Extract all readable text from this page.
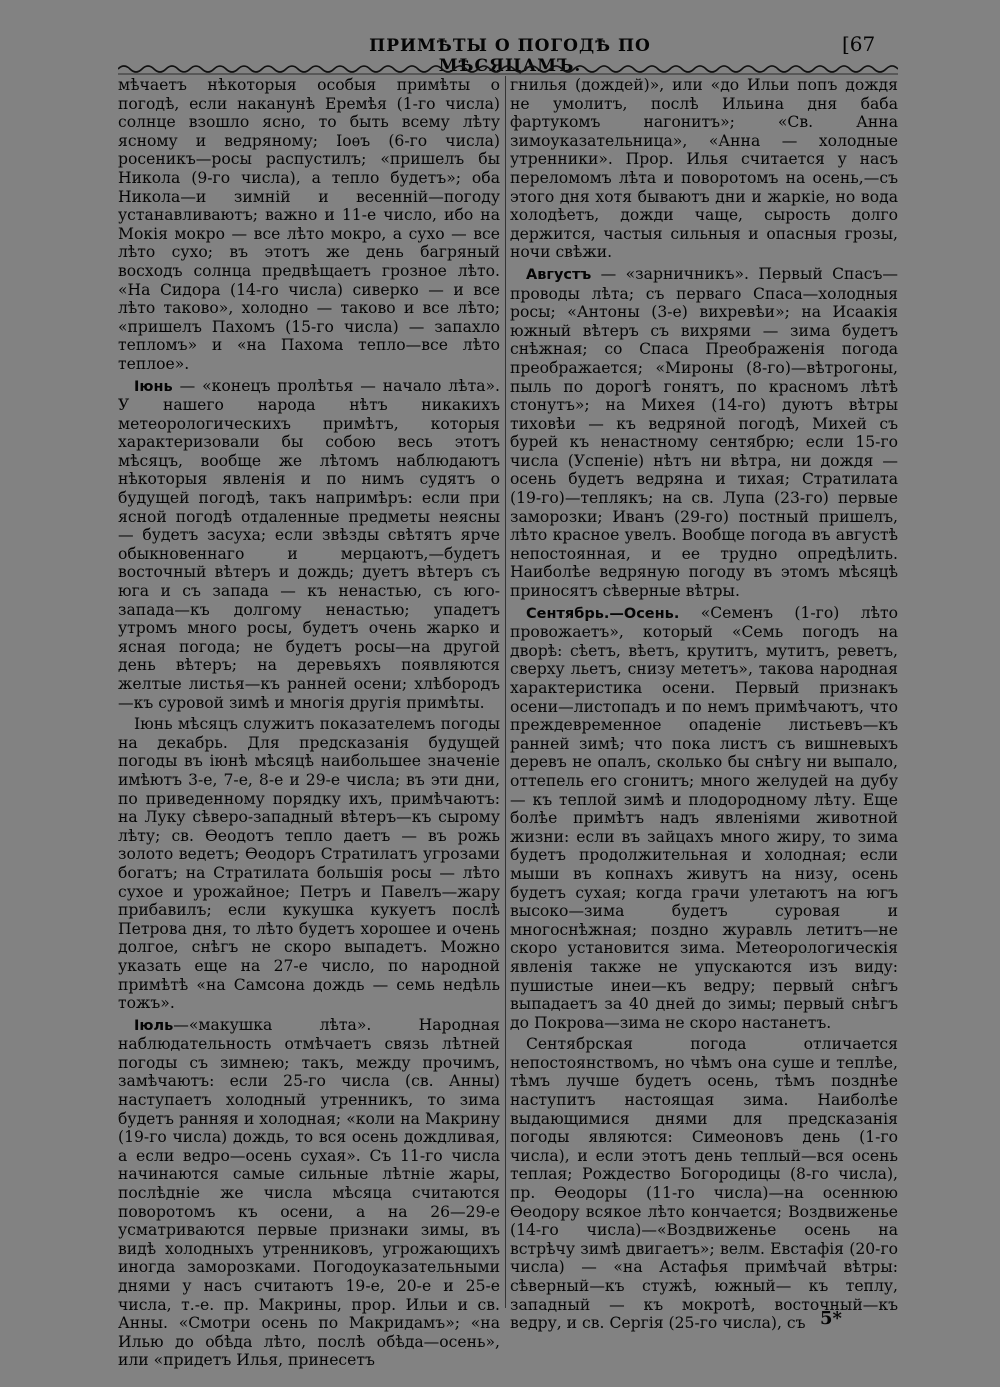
ПРИМѢТЫ О ПОГОДѢ ПО МѢСЯЦАМЪ.
[67

мѣчаетъ нѣкоторыя особыя примѣты о погодѣ, если наканунѣ Еремѣя (1-го числа) солнце взошло ясно, то быть всему лѣту ясному и ведряному; Іоѳъ (6-го числа) росеникъ—росы распустилъ; «пришелъ бы Никола (9-го числа), а тепло будетъ»; оба Никола—и зимній и весенній—погоду устанавливаютъ; важно и 11-е число, ибо на Мокія мокро — все лѣто мокро, а сухо — все лѣто сухо; въ этотъ же день багряный восходъ солнца предвѣщаетъ грозное лѣто. «На Сидора (14-го числа) сиверко — и все лѣто таково», холодно — таково и все лѣто; «пришелъ Пахомъ (15-го числа) — запахло тепломъ» и «на Пахома тепло—все лѣто теплое».

Іюнь — «конецъ пролѣтья — начало лѣта». У нашего народа нѣтъ никакихъ метеорологическихъ примѣтъ, которыя характеризовали бы собою весь этотъ мѣсяцъ, вообще же лѣтомъ наблюдаютъ нѣкоторыя явленія и по нимъ судятъ о будущей погодѣ, такъ напримѣръ: если при ясной погодѣ отдаленные предметы неясны — будетъ засуха; если звѣзды свѣтятъ ярче обыкновеннаго и мерцаютъ,—будетъ восточный вѣтеръ и дождь; дуетъ вѣтеръ съ юга и съ запада — къ ненастью, съ юго-запада—къ долгому ненастью; упадетъ утромъ много росы, будетъ очень жарко и ясная погода; не будетъ росы—на другой день вѣтеръ; на деревьяхъ появляются желтые листья—къ ранней осени; хлѣбородъ—къ суровой зимѣ и многія другія примѣты.

Іюнь мѣсяцъ служитъ показателемъ погоды на декабрь. Для предсказанія будущей погоды въ іюнѣ мѣсяцѣ наибольшее значеніе имѣютъ 3-е, 7-е, 8-е и 29-е числа; въ эти дни, по приведенному порядку ихъ, примѣчаютъ: на Луку сѣверо-западный вѣтеръ—къ сырому лѣту; св. Ѳеодотъ тепло даетъ — въ рожь золото ведетъ; Ѳеодоръ Стратилатъ угрозами богатъ; на Стратилата большія росы — лѣто сухое и урожайное; Петръ и Павелъ—жару прибавилъ; если кукушка кукуетъ послѣ Петрова дня, то лѣто будетъ хорошее и очень долгое, снѣгъ не скоро выпадетъ. Можно указать еще на 27-е число, по народной примѣтѣ «на Самсона дождь — семь недѣль тожъ».

Іюль—«макушка лѣта». Народная наблюдательность отмѣчаетъ связь лѣтней погоды съ зимнею; такъ, между прочимъ, замѣчаютъ: если 25-го числа (св. Анны) наступаетъ холодный утренникъ, то зима будетъ ранняя и холодная; «коли на Макрину (19-го числа) дождь, то вся осень дождливая, а если ведро—осень сухая». Съ 11-го числа начинаются самые сильные лѣтніе жары, послѣдніе же числа мѣсяца считаются поворотомъ къ осени, а на 26—29-е усматриваются первые признаки зимы, въ видѣ холодныхъ утренниковъ, угрожающихъ иногда заморозками. Погодоуказательными днями у насъ считаютъ 19-е, 20-е и 25-е числа, т.-е. пр. Макрины, прор. Ильи и св. Анны. «Смотри осень по Макридамъ»; «на Илью до обѣда лѣто, послѣ обѣда—осень», или «придетъ Илья, принесетъ

гнилья (дождей)», или «до Ильи попъ дождя не умолитъ, послѣ Ильина дня баба фартукомъ нагонитъ»; «Св. Анна зимоуказательница», «Анна — холодные утренники». Прор. Илья считается у насъ переломомъ лѣта и поворотомъ на осень,—съ этого дня хотя бываютъ дни и жаркіе, но вода холодѣетъ, дожди чаще, сырость долго держится, частыя сильныя и опасныя грозы, ночи свѣжи.

Августъ — «зарничникъ». Первый Спасъ— проводы лѣта; съ перваго Спаса—холодныя росы; «Антоны (3-е) вихревѣи»; на Исаакія южный вѣтеръ съ вихрями — зима будетъ снѣжная; со Спаса Преображенія погода преображается; «Мироны (8-го)—вѣтрогоны, пыль по дорогѣ гонятъ, по красномъ лѣтѣ стонутъ»; на Михея (14-го) дуютъ вѣтры тиховѣи — къ ведряной погодѣ, Михей съ бурей къ ненастному сентябрю; если 15-го числа (Успеніе) нѣтъ ни вѣтра, ни дождя — осень будетъ ведряна и тихая; Стратилата (19-го)—теплякъ; на св. Лупа (23-го) первые заморозки; Иванъ (29-го) постный пришелъ, лѣто красное увелъ. Вообще погода въ августѣ непостоянная, и ее трудно опредѣлить. Наиболѣе ведряную погоду въ этомъ мѣсяцѣ приносятъ сѣверные вѣтры.

Сентябрь.—Осень. «Семенъ (1-го) лѣто провожаетъ», который «Семь погодъ на дворѣ: сѣетъ, вѣетъ, крутитъ, мутитъ, реветъ, сверху льетъ, снизу мететъ», такова народная характеристика осени. Первый признакъ осени—листопадъ и по немъ примѣчаютъ, что преждевременное опаденіе листьевъ—къ ранней зимѣ; что пока листъ съ вишневыхъ деревъ не опалъ, сколько бы снѣгу ни выпало, оттепель его сгонитъ; много желудей на дубу — къ теплой зимѣ и плодородному лѣту. Еще болѣе примѣтъ надъ явленіями животной жизни: если въ зайцахъ много жиру, то зима будетъ продолжительная и холодная; если мыши въ копнахъ живутъ на низу, осень будетъ сухая; когда грачи улетаютъ на югъ высоко—зима будетъ суровая и многоснѣжная; поздно журавль летитъ—не скоро установится зима. Метеорологическія явленія также не упускаются изъ виду: пушистые инеи—къ ведру; первый снѣгъ выпадаетъ за 40 дней до зимы; первый снѣгъ до Покрова—зима не скоро настанетъ.

Сентябрская погода отличается непостоянствомъ, но чѣмъ она суше и теплѣе, тѣмъ лучше будетъ осень, тѣмъ позднѣе наступитъ настоящая зима. Наиболѣе выдающимися днями для предсказанія погоды являются: Симеоновъ день (1-го числа), и если этотъ день теплый—вся осень теплая; Рождество Богородицы (8-го числа), пр. Ѳеодоры (11-го числа)—на осеннюю Ѳеодору всякое лѣто кончается; Воздвиженье (14-го числа)—«Воздвиженье осень на встрѣчу зимѣ двигаетъ»; велм. Евстафія (20-го числа) — «на Астафья примѣчай вѣтры: сѣверный—къ стужѣ, южный— къ теплу, западный — къ мокротѣ, восточный—къ ведру, и св. Сергія (25-го числа), съ 5*
